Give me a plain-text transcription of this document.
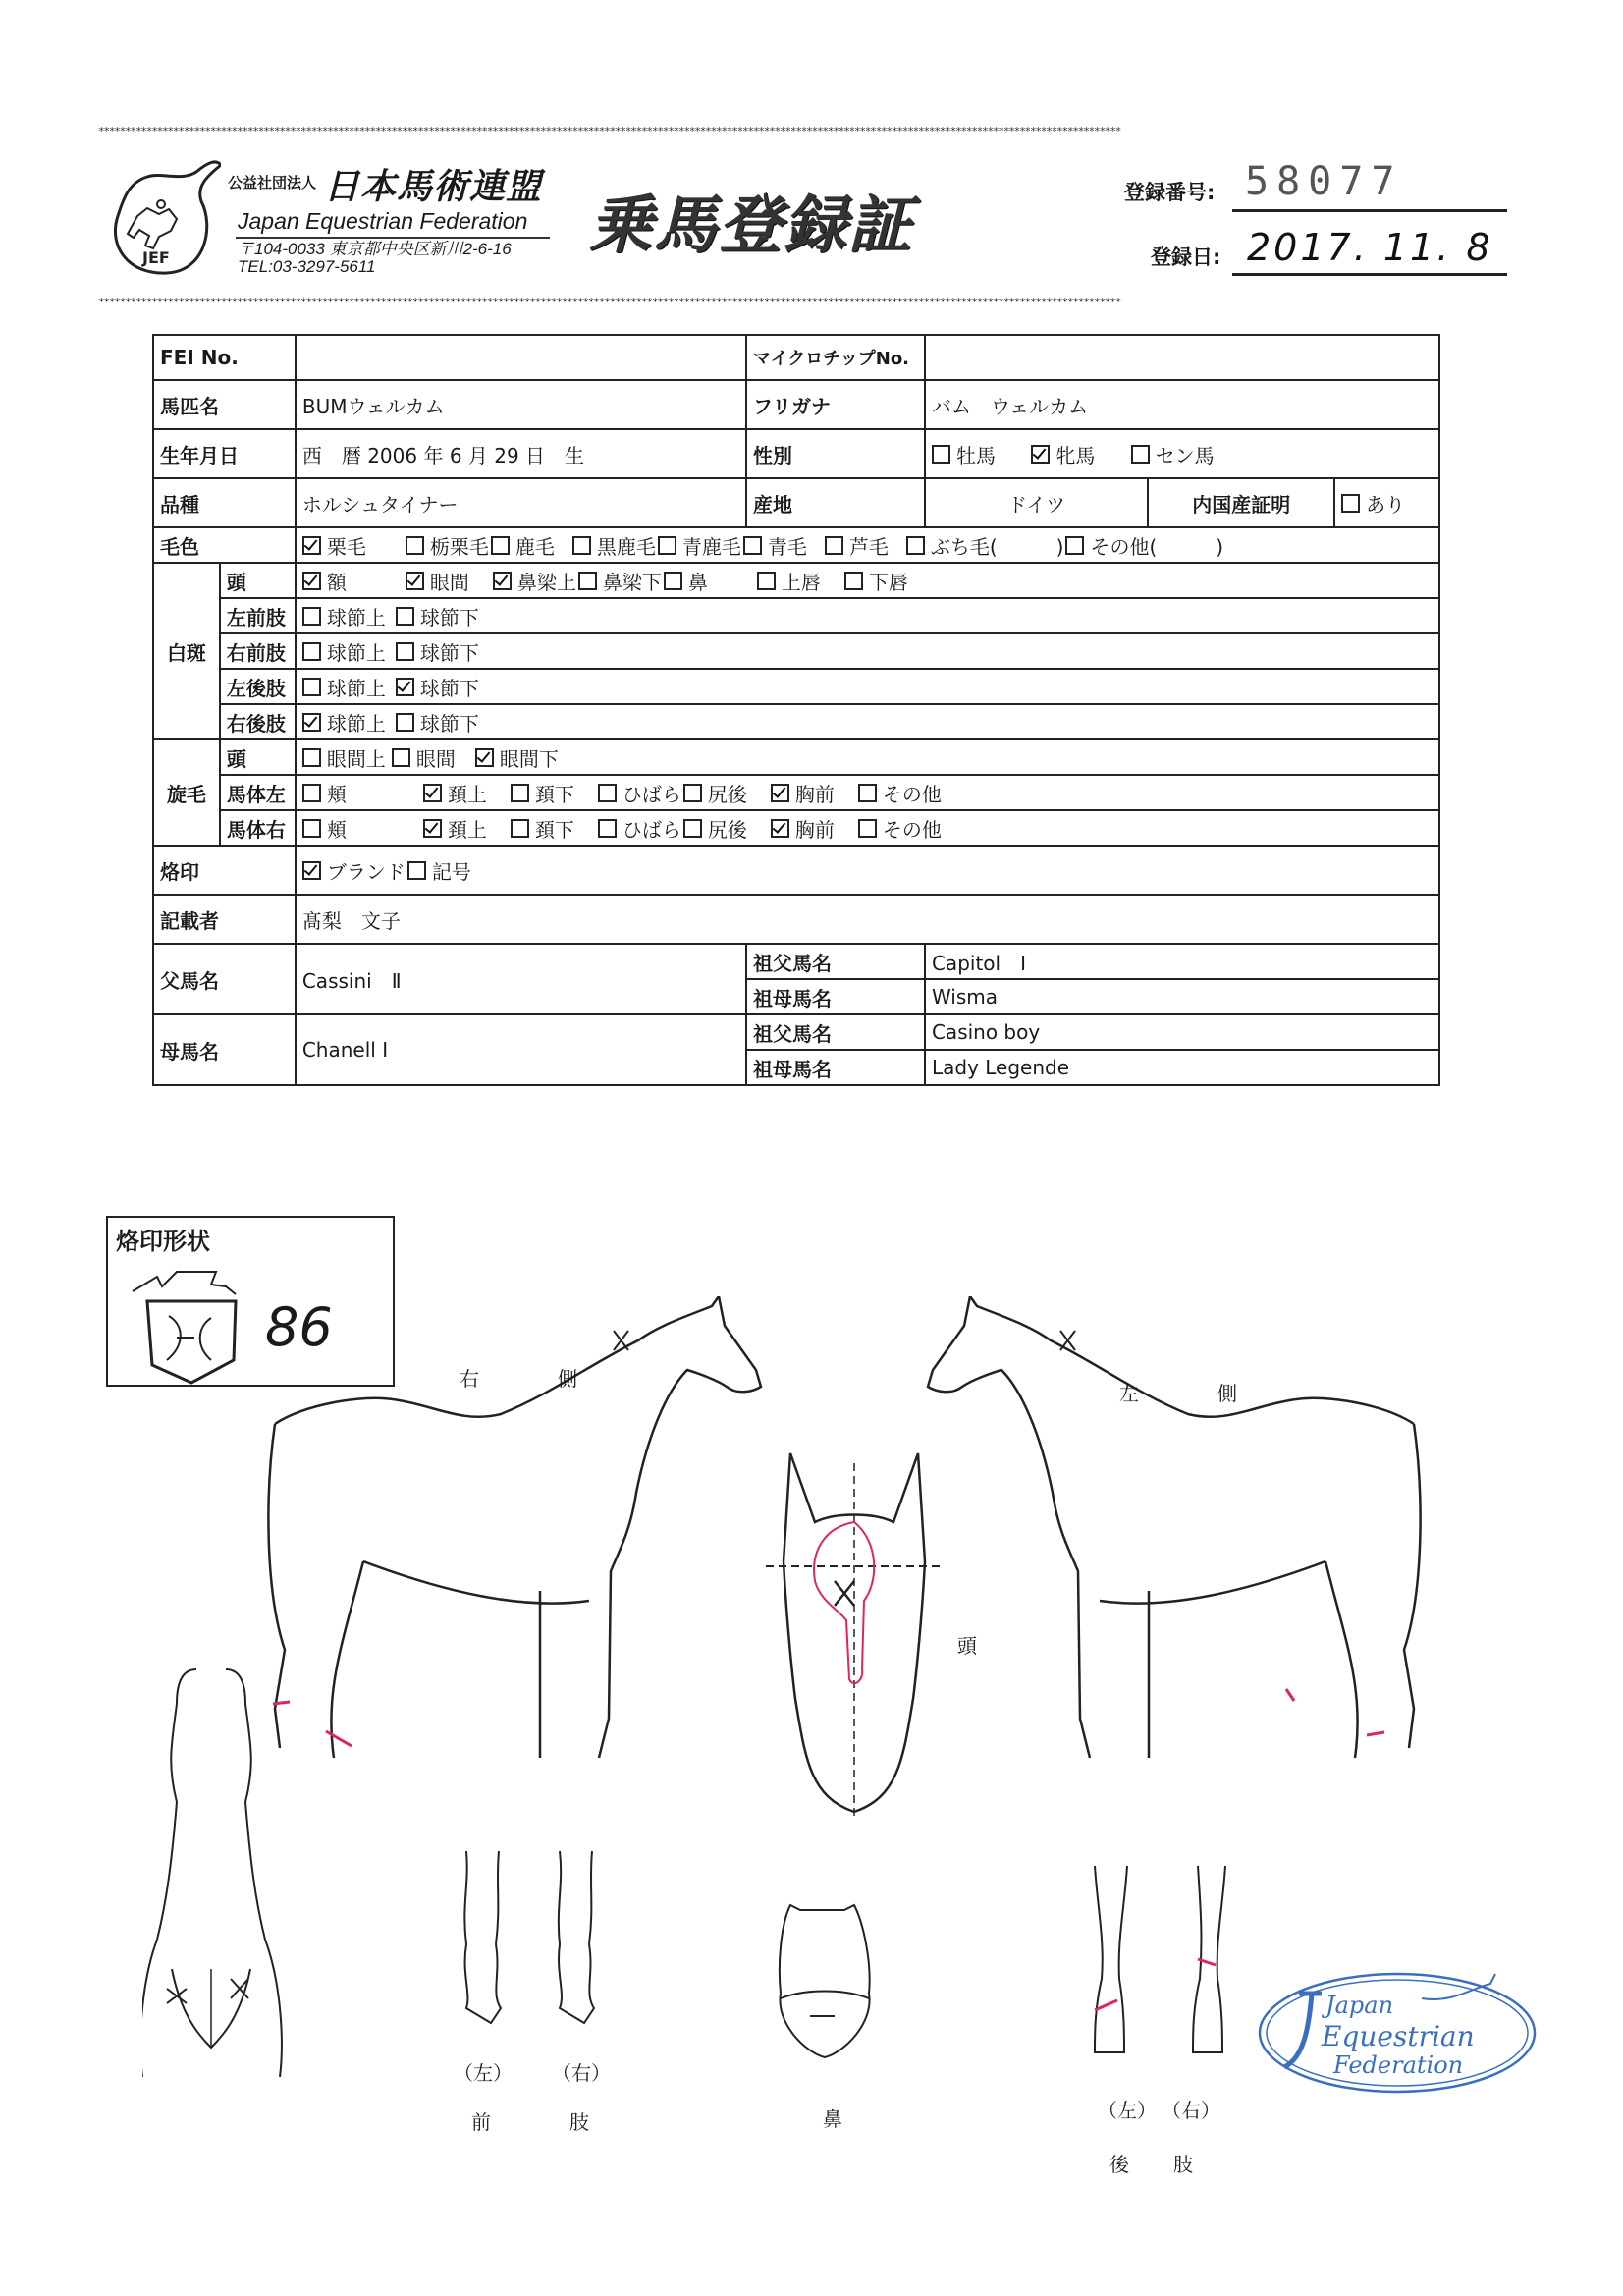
************************************************************************************************************************************************************************************************
************************************************************************************************************************************************************************************************
JEF
公益社団法人 日本馬術連盟
Japan Equestrian Federation
〒104-0033 東京都中央区新川2-6-16
TEL:03-3297-5611
乗馬登録証	登録番号: 58077
登録日: 2017. 11. 8
FEI No.			マイクロチップNo.			
馬匹名		BUMウェルカム	フリガナ	バム　ウェルカム		
生年月日		西　暦 2006 年 6 月 29 日　生	性別	牡馬 牝馬 セン馬		
品種		ホルシュタイナー	産地	ドイツ	内国産証明	あり
毛色		栗毛 栃栗毛 鹿毛 黒鹿毛 青鹿毛 青毛 芦毛 ぶち毛(　　　) その他(　　　)				
白斑	頭	額 眼間 鼻梁上 鼻梁下 鼻 上唇 下唇				
	左前肢	球節上 球節下				
	右前肢	球節上 球節下				
	左後肢	球節上 球節下				
	右後肢	球節上 球節下				
旋毛	頭	眼間上 眼間 眼間下				
	馬体左	頬 頚上 頚下 ひばら 尻後 胸前 その他				
	馬体右	頬 頚上 頚下 ひばら 尻後 胸前 その他				
烙印		ブランド 記号				
記載者		髙梨　文子				
父馬名		Cassini　Ⅱ	祖父馬名	Capitol　Ⅰ		
			祖母馬名	Wisma		
母馬名		Chanell Ⅰ	祖父馬名	Casino boy		
			祖母馬名	Lady Legende		
烙印形状
86
右　　　　側
左　　　　側
頭
（左） （右）
前	肢	鼻	（左） （右）
後 肢
Japan
Equestrian
Federation
